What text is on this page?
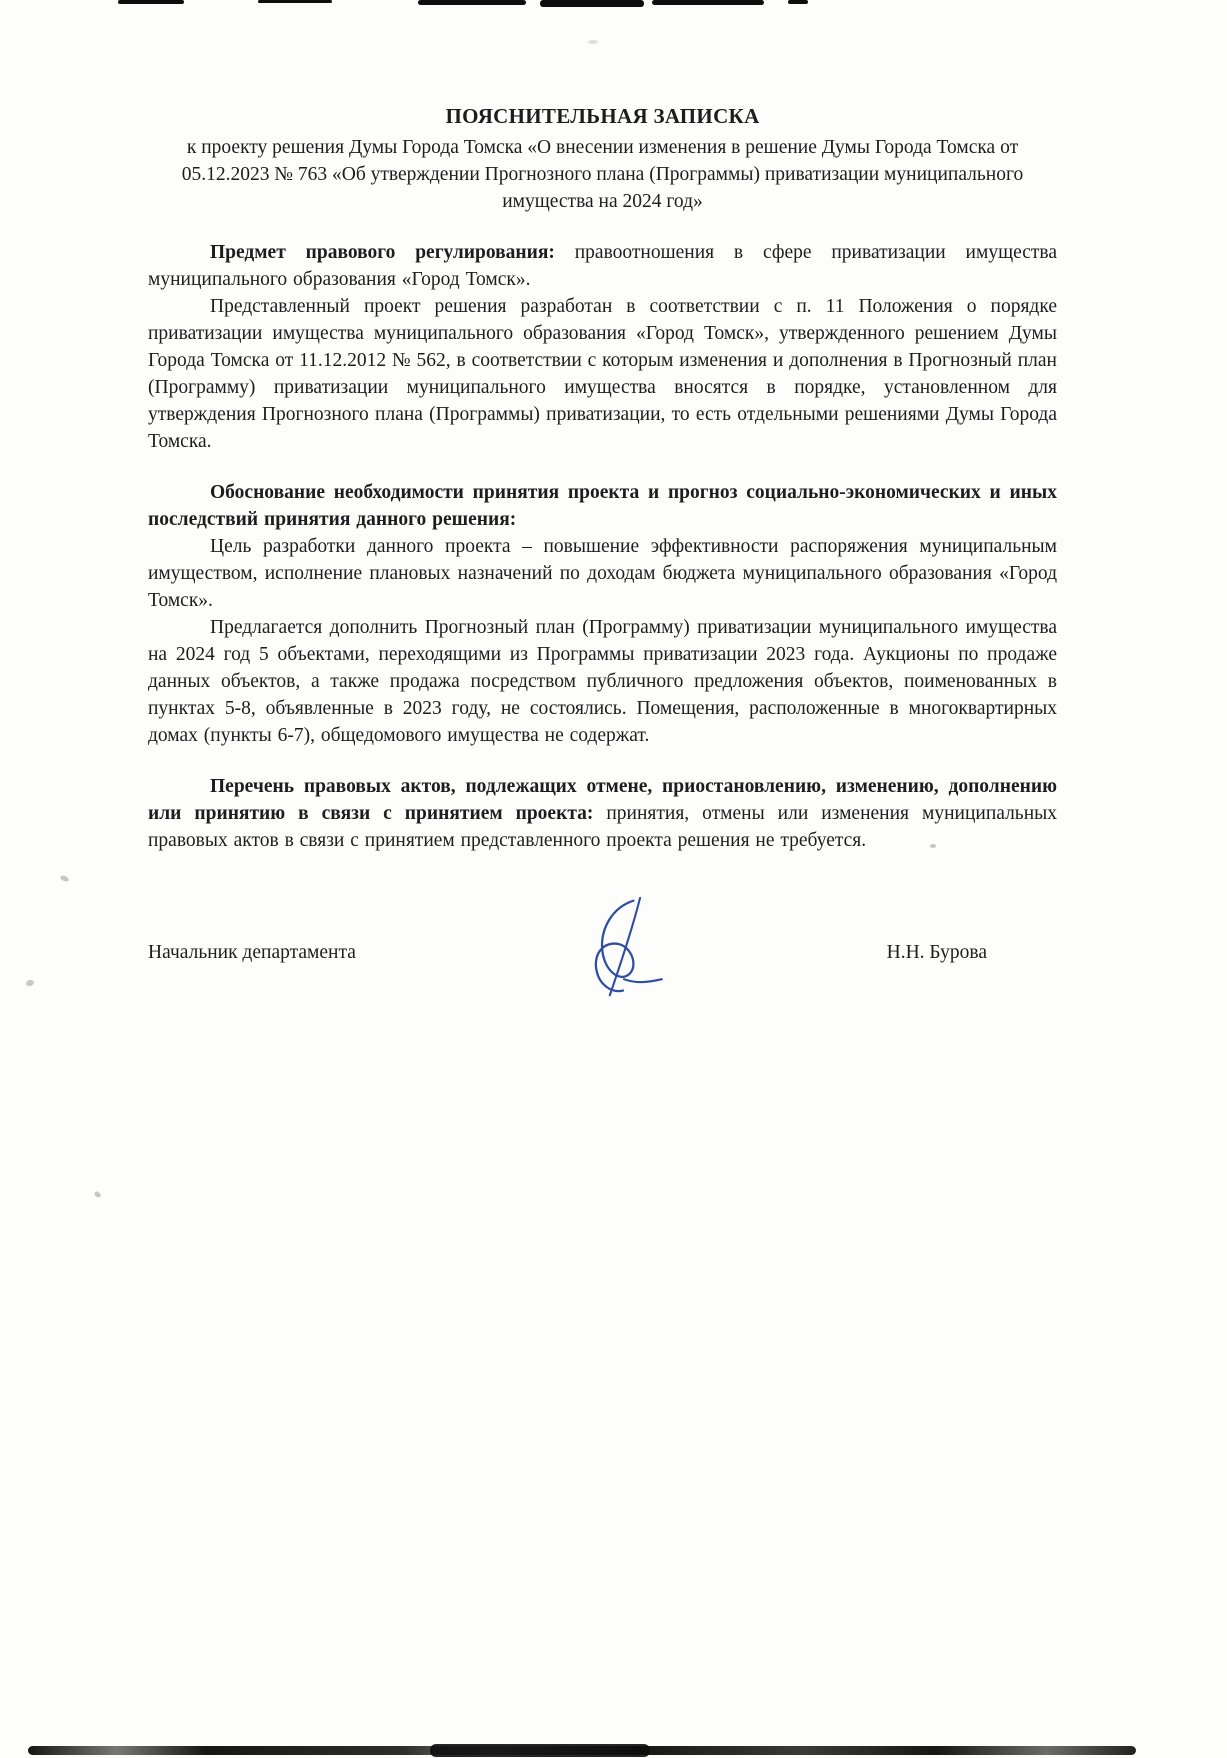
ПОЯСНИТЕЛЬНАЯ ЗАПИСКА
к проекту решения Думы Города Томска «О внесении изменения в решение Думы Города Томска от 05.12.2023 № 763 «Об утверждении Прогнозного плана (Программы) приватизации муниципального имущества на 2024 год»

Предмет правового регулирования: правоотношения в сфере приватизации имущества муниципального образования «Город Томск».

Представленный проект решения разработан в соответствии с п. 11 Положения о порядке приватизации имущества муниципального образования «Город Томск», утвержденного решением Думы Города Томска от 11.12.2012 № 562, в соответствии с которым изменения и дополнения в Прогнозный план (Программу) приватизации муниципального имущества вносятся в порядке, установленном для утверждения Прогнозного плана (Программы) приватизации, то есть отдельными решениями Думы Города Томска.

Обоснование необходимости принятия проекта и прогноз социально-экономических и иных последствий принятия данного решения:

Цель разработки данного проекта – повышение эффективности распоряжения муниципальным имуществом, исполнение плановых назначений по доходам бюджета муниципального образования «Город Томск».

Предлагается дополнить Прогнозный план (Программу) приватизации муниципального имущества на 2024 год 5 объектами, переходящими из Программы приватизации 2023 года. Аукционы по продаже данных объектов, а также продажа посредством публичного предложения объектов, поименованных в пунктах 5-8, объявленные в 2023 году, не состоялись. Помещения, расположенные в многоквартирных домах (пункты 6-7), общедомового имущества не содержат.

Перечень правовых актов, подлежащих отмене, приостановлению, изменению, дополнению или принятию в связи с принятием проекта: принятия, отмены или изменения муниципальных правовых актов в связи с принятием представленного проекта решения не требуется.

Начальник департамента	Н.Н. Бурова
